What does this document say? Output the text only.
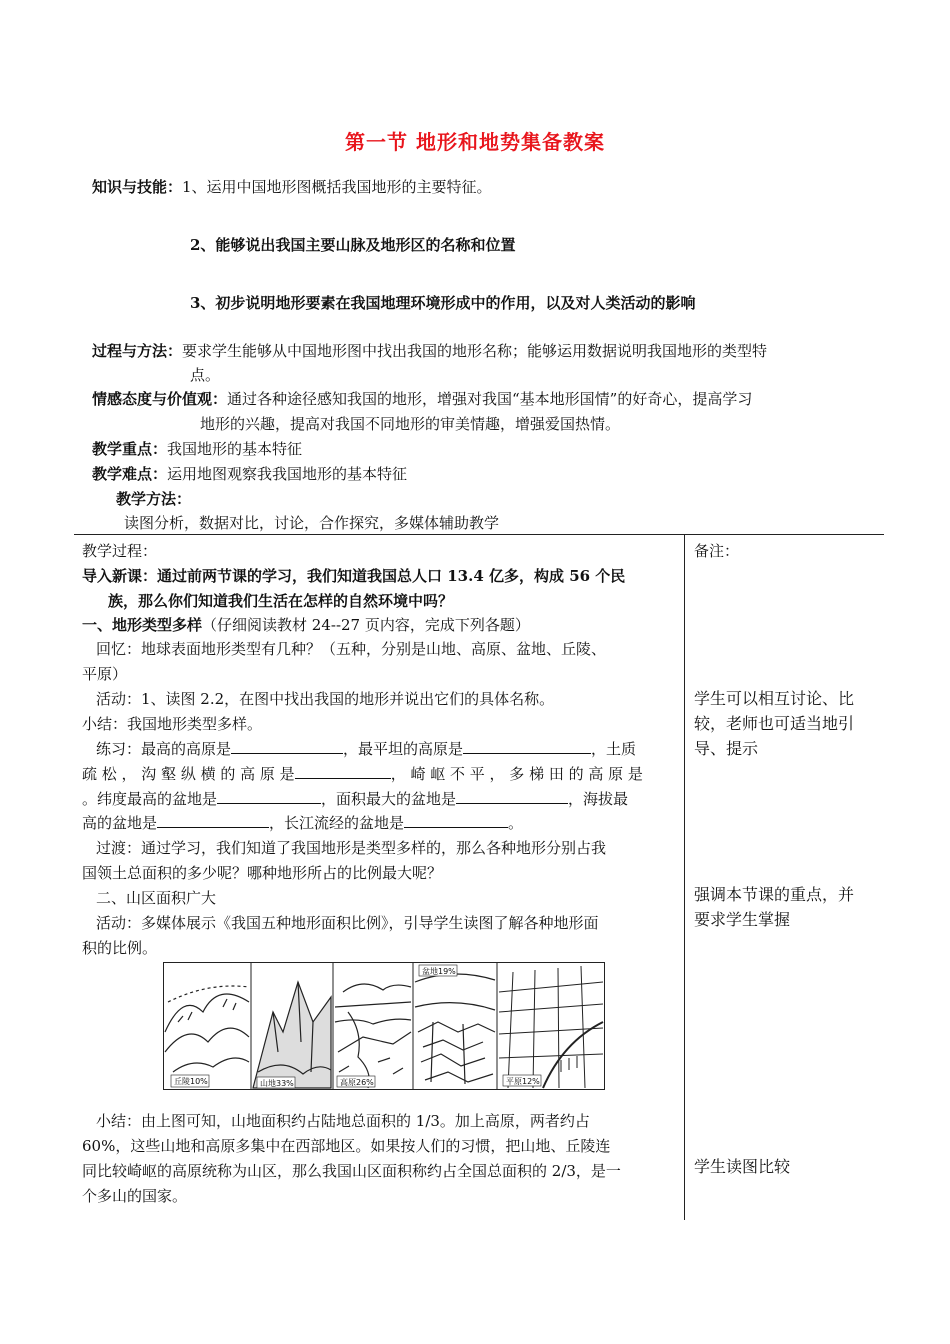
第一节 地形和地势集备教案
知识与技能：1、运用中国地形图概括我国地形的主要特征。
2、能够说出我国主要山脉及地形区的名称和位置
3、初步说明地形要素在我国地理环境形成中的作用，以及对人类活动的影响
过程与方法：要求学生能够从中国地形图中找出我国的地形名称；能够运用数据说明我国地形的类型特
点。
情感态度与价值观：通过各种途径感知我国的地形，增强对我国“基本地形国情”的好奇心，提高学习
地形的兴趣，提高对我国不同地形的审美情趣，增强爱国热情。
教学重点：我国地形的基本特征
教学难点：运用地图观察我我国地形的基本特征
教学方法：
读图分析，数据对比，讨论，合作探究，多媒体辅助教学
教学过程：
导入新课：通过前两节课的学习，我们知道我国总人口 13.4 亿多，构成 56 个民
族，那么你们知道我们生活在怎样的自然环境中吗？
一、地形类型多样（仔细阅读教材 24--27 页内容，完成下列各题）
回忆：地球表面地形类型有几种？（五种，分别是山地、高原、盆地、丘陵、
平原）
活动：1、读图 2.2，在图中找出我国的地形并说出它们的具体名称。
小结：我国地形类型多样。
练习：最高的高原是	，最平坦的高原是	，土质
疏 松 ， 沟 壑 纵 横 的 高 原 是	， 崎 岖 不 平 ， 多 梯 田 的 高 原 是
。纬度最高的盆地是	，面积最大的盆地是	，海拔最
高的盆地是	，长江流经的盆地是	。
过渡：通过学习，我们知道了我国地形是类型多样的，那么各种地形分别占我
国领土总面积的多少呢？哪种地形所占的比例最大呢？
二、山区面积广大
活动：多媒体展示《我国五种地形面积比例》，引导学生读图了解各种地形面
积的比例。
丘陵10%	山地33%	高原26%
盆地19%
平原12%
小结：由上图可知，山地面积约占陆地总面积的 1/3。加上高原，两者约占
60%，这些山地和高原多集中在西部地区。如果按人们的习惯，把山地、丘陵连
同比较崎岖的高原统称为山区，那么我国山区面积称约占全国总面积的 2/3，是一
个多山的国家。
备注：
学生可以相互讨论、比
较，老师也可适当地引
导、提示
强调本节课的重点，并
要求学生掌握
学生读图比较
